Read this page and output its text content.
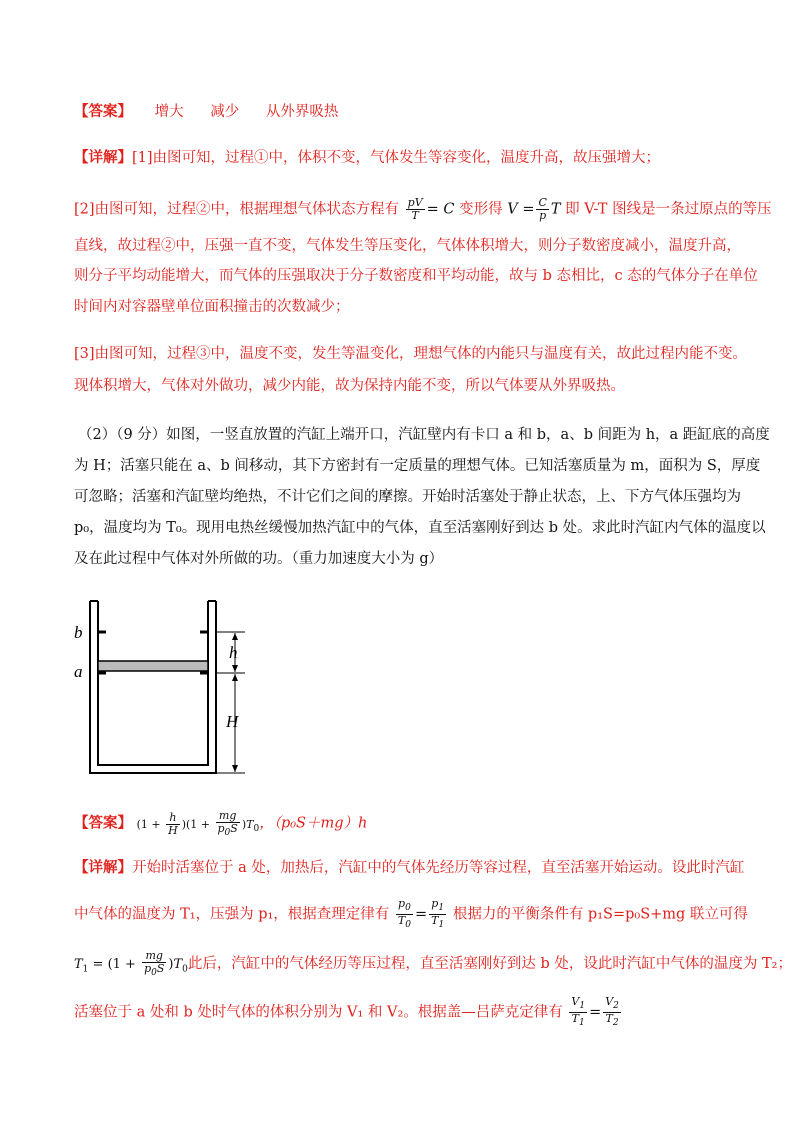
【答案】 增大 减少 从外界吸热
【详解】[1]由图可知，过程①中，体积不变，气体发生等容变化，温度升高，故压强增大；
[2]由图可知，过程②中，根据理想气体状态方程有 $\frac{pV}{T} = C$ 变形得 $V = \frac{C}{p}$ T 即 V-T 图线是一条过原点的等压
直线，故过程②中，压强一直不变，气体发生等压变化，气体体积增大，则分子数密度减小，温度升高，
则分子平均动能增大，而气体的压强取决于分子数密度和平均动能，故与 b 态相比，c 态的气体分子在单位
时间内对容器壁单位面积撞击的次数减少；
[3]由图可知，过程③中，温度不变，发生等温变化，理想气体的内能只与温度有关，故此过程内能不变。
现体积增大，气体对外做功，减少内能，故为保持内能不变，所以气体要从外界吸热。
（2）（9 分）如图，一竖直放置的汽缸上端开口，汽缸壁内有卡口 a 和 b，a、b 间距为 h，a 距缸底的高度
为 H；活塞只能在 a、b 间移动，其下方密封有一定质量的理想气体。已知活塞质量为 m，面积为 S，厚度
可忽略；活塞和汽缸壁均绝热，不计它们之间的摩擦。开始时活塞处于静止状态，上、下方气体压强均为
p₀，温度均为 T₀。现用电热丝缓慢加热汽缸中的气体，直至活塞刚好到达 b 处。求此时汽缸内气体的温度以
及在此过程中气体对外所做的功。（重力加速度大小为 g）
b
a
h
H
【答案】 $(1 + \frac{h}{H} )(1 + \frac{mg}{p_0S} )T_0$，（p₀S＋mg）h
【详解】开始时活塞位于 a 处，加热后，汽缸中的气体先经历等容过程，直至活塞开始运动。设此时汽缸
中气体的温度为 T₁，压强为 p₁，根据查理定律有 $\frac{p_0}{T_0} = \frac{p_1}{T_1}$ 根据力的平衡条件有 p₁S=p₀S+mg 联立可得
$T_1 = (1 + \frac{mg}{p_0S} )T_0$此后，汽缸中的气体经历等压过程，直至活塞刚好到达 b 处，设此时汽缸中气体的温度为 T₂；
活塞位于 a 处和 b 处时气体的体积分别为 V₁ 和 V₂。根据盖—吕萨克定律有 $\frac{V_1}{T_1} = \frac{V_2}{T_2}$
